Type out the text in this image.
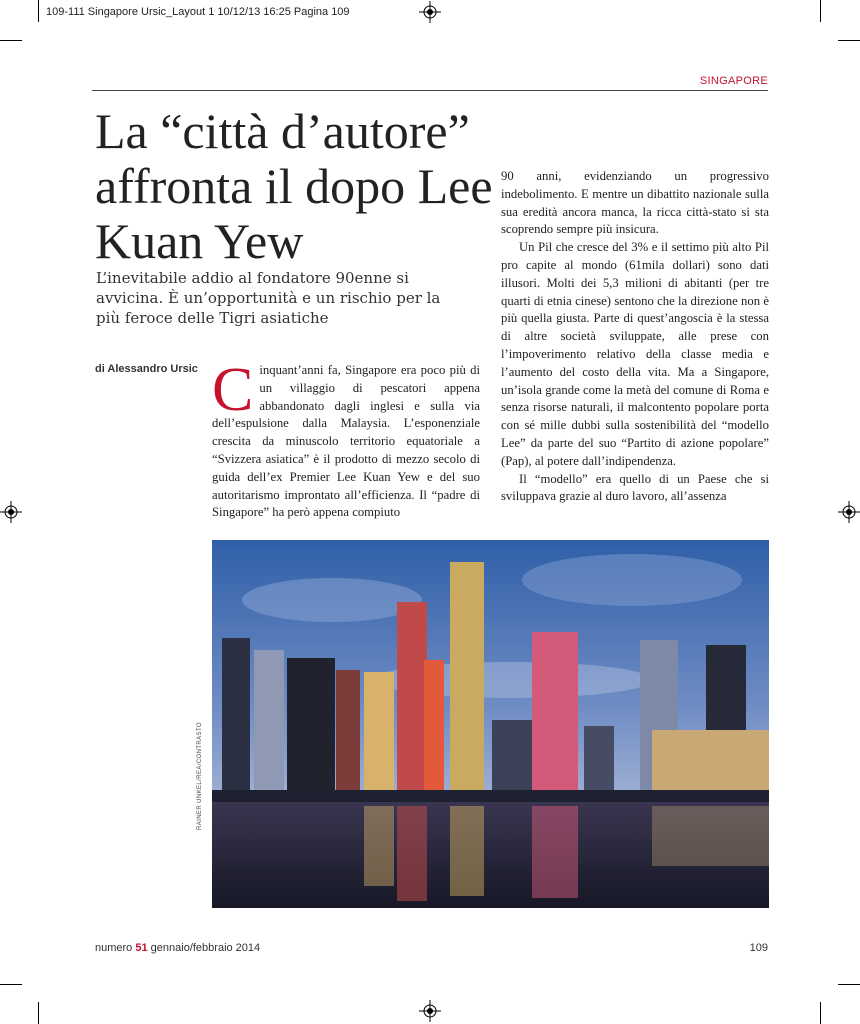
109-111 Singapore Ursic_Layout 1 10/12/13 16:25 Pagina 109
SINGAPORE
La “città d’autore” affronta il dopo Lee Kuan Yew

L’inevitabile addio al fondatore 90enne si avvicina. È un’opportunità e un rischio per la più feroce delle Tigri asiatiche

di Alessandro Ursic Cinquant’anni fa, Singapore era poco più di un villaggio di pescatori appena abbandonato dagli inglesi e sulla via dell’espulsione dalla Malaysia. L’esponenziale crescita da minuscolo territorio equatoriale a “Svizzera asiatica” è il prodotto di mezzo secolo di guida dell’ex Premier Lee Kuan Yew e del suo autoritarismo improntato all’efficienza. Il “padre di Singapore” ha però appena compiuto

90 anni, evidenziando un progressivo indebolimento. E mentre un dibattito nazionale sulla sua eredità ancora manca, la ricca città-stato si sta scoprendo sempre più insicura.

Un Pil che cresce del 3% e il settimo più alto Pil pro capite al mondo (61mila dollari) sono dati illusori. Molti dei 5,3 milioni di abitanti (per tre quarti di etnia cinese) sentono che la direzione non è più quella giusta. Parte di quest’angoscia è la stessa di altre società sviluppate, alle prese con l’impoverimento relativo della classe media e l’aumento del costo della vita. Ma a Singapore, un’isola grande come la metà del comune di Roma e senza risorse naturali, il malcontento popolare porta con sé mille dubbi sulla sostenibilità del “modello Lee” da parte del suo “Partito di azione popolare” (Pap), al potere dall’indipendenza.

Il “modello” era quello di un Paese che si sviluppava grazie al duro lavoro, all’assenza

RAINER UNKEL/REA/CONTRASTO
numero 51 gennaio/febbraio 2014	109
